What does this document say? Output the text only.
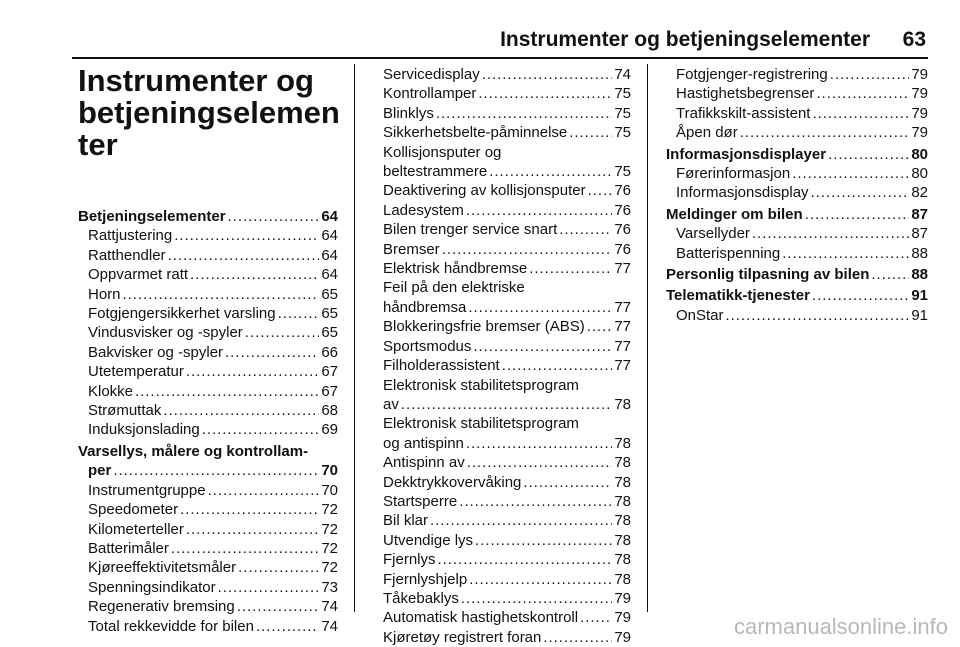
Instrumenter og betjeningselementer 63
Instrumenter og betjeningselementer
Betjeningselementer . . .	64
Rattjustering . . .	64
Ratthendler . . .	64
Oppvarmet ratt . . .	64
Horn . . .	65
Fotgjengersikkerhet varsling . . .	65
Vindusvisker og -spyler . . .	65
Bakvisker og -spyler . . .	66
Utetemperatur . . .	67
Klokke . . .	67
Strømuttak . . .	68
Induksjonslading . . .	69
Varsellys, målere og kontrollam-
per . . .	70
Instrumentgruppe . . .	70
Speedometer . . .	72
Kilometerteller . . .	72
Batterimåler . . .	72
Kjøreeffektivitetsmåler . . .	72
Spenningsindikator . . .	73
Regenerativ bremsing . . .	74
Total rekkevidde for bilen . . .	74
Servicedisplay . . .	74
Kontrollamper . . .	75
Blinklys . . .	75
Sikkerhetsbelte-påminnelse . . .	75
Kollisjonsputer og
beltestrammere . . .	75
Deaktivering av kollisjonsputer . . . 76
Ladesystem . . .	76
Bilen trenger service snart . . .	76
Bremser . . .	76
Elektrisk håndbremse . . .	77
Feil på den elektriske
håndbremsa . . .	77
Blokkeringsfrie bremser (ABS) . . . 77
Sportsmodus . . .	77
Filholderassistent . . .	77
Elektronisk stabilitetsprogram
av . . .	78
Elektronisk stabilitetsprogram
og antispinn . . .	78
Antispinn av . . .	78
Dekktrykkovervåking . . .	78
Startsperre . . .	78
Bil klar . . .	78
Utvendige lys . . .	78
Fjernlys . . .	78
Fjernlyshjelp . . .	78
Tåkebaklys . . .	79
Automatisk hastighetskontroll . . . 79
Kjøretøy registrert foran . . .	79
Fotgjenger-registrering . . .	79
Hastighetsbegrenser . . .	79
Trafikkskilt-assistent . . .	79
Åpen dør . . .	79
Informasjonsdisplayer . . .	80
Førerinformasjon . . .	80
Informasjonsdisplay . . .	82
Meldinger om bilen . . .	87
Varsellyder . . .	87
Batterispenning . . .	88
Personlig tilpasning av bilen . . .	88
Telematikk-tjenester . . .	91
OnStar . . .	91
carmanualsonline.info
